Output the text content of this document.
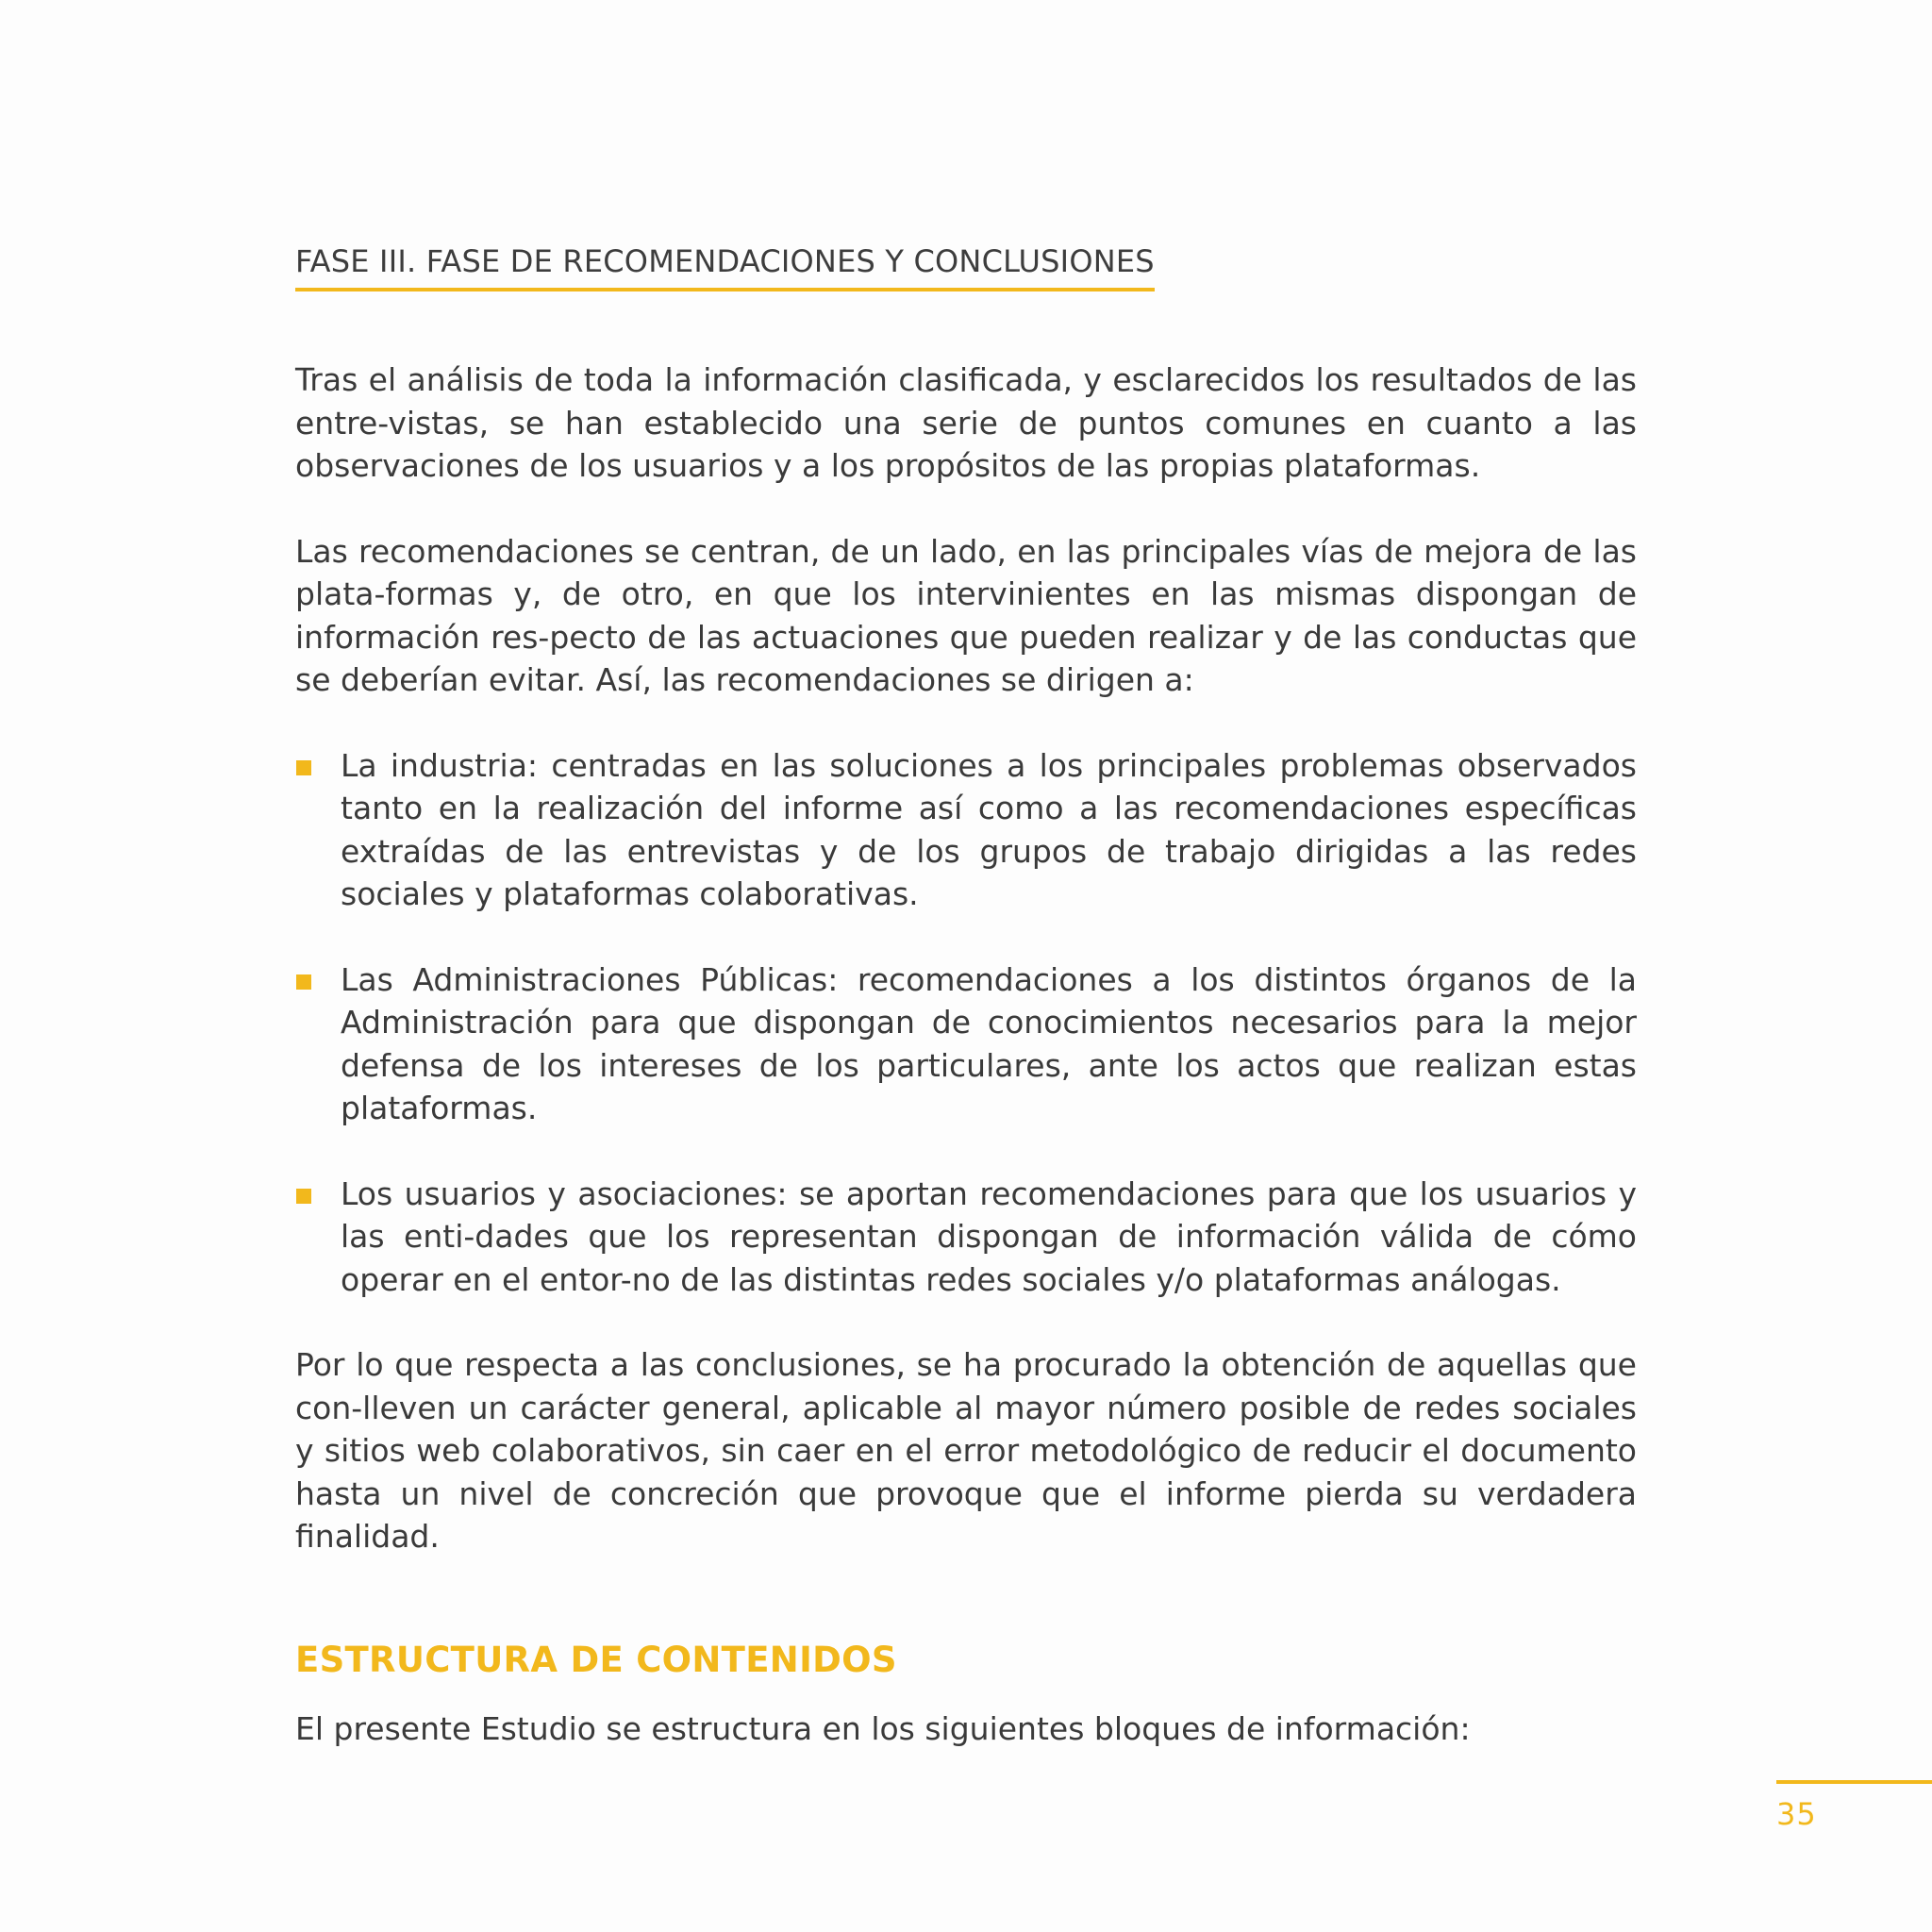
FASE III. FASE DE RECOMENDACIONES Y CONCLUSIONES

Tras el análisis de toda la información clasificada, y esclarecidos los resultados de las entre-vistas, se han establecido una serie de puntos comunes en cuanto a las observaciones de los usuarios y a los propósitos de las propias plataformas.

Las recomendaciones se centran, de un lado, en las principales vías de mejora de las plata-formas y, de otro, en que los intervinientes en las mismas dispongan de información res-pecto de las actuaciones que pueden realizar y de las conductas que se deberían evitar. Así, las recomendaciones se dirigen a:

La industria: centradas en las soluciones a los principales problemas observados tanto en la realización del informe así como a las recomendaciones específicas extraídas de las entrevistas y de los grupos de trabajo dirigidas a las redes sociales y plataformas colaborativas.
Las Administraciones Públicas: recomendaciones a los distintos órganos de la Administración para que dispongan de conocimientos necesarios para la mejor defensa de los intereses de los particulares, ante los actos que realizan estas plataformas.
Los usuarios y asociaciones: se aportan recomendaciones para que los usuarios y las enti-dades que los representan dispongan de información válida de cómo operar en el entor-no de las distintas redes sociales y/o plataformas análogas.

Por lo que respecta a las conclusiones, se ha procurado la obtención de aquellas que con-lleven un carácter general, aplicable al mayor número posible de redes sociales y sitios web colaborativos, sin caer en el error metodológico de reducir el documento hasta un nivel de concreción que provoque que el informe pierda su verdadera finalidad.

ESTRUCTURA DE CONTENIDOS

El presente Estudio se estructura en los siguientes bloques de información:

35
